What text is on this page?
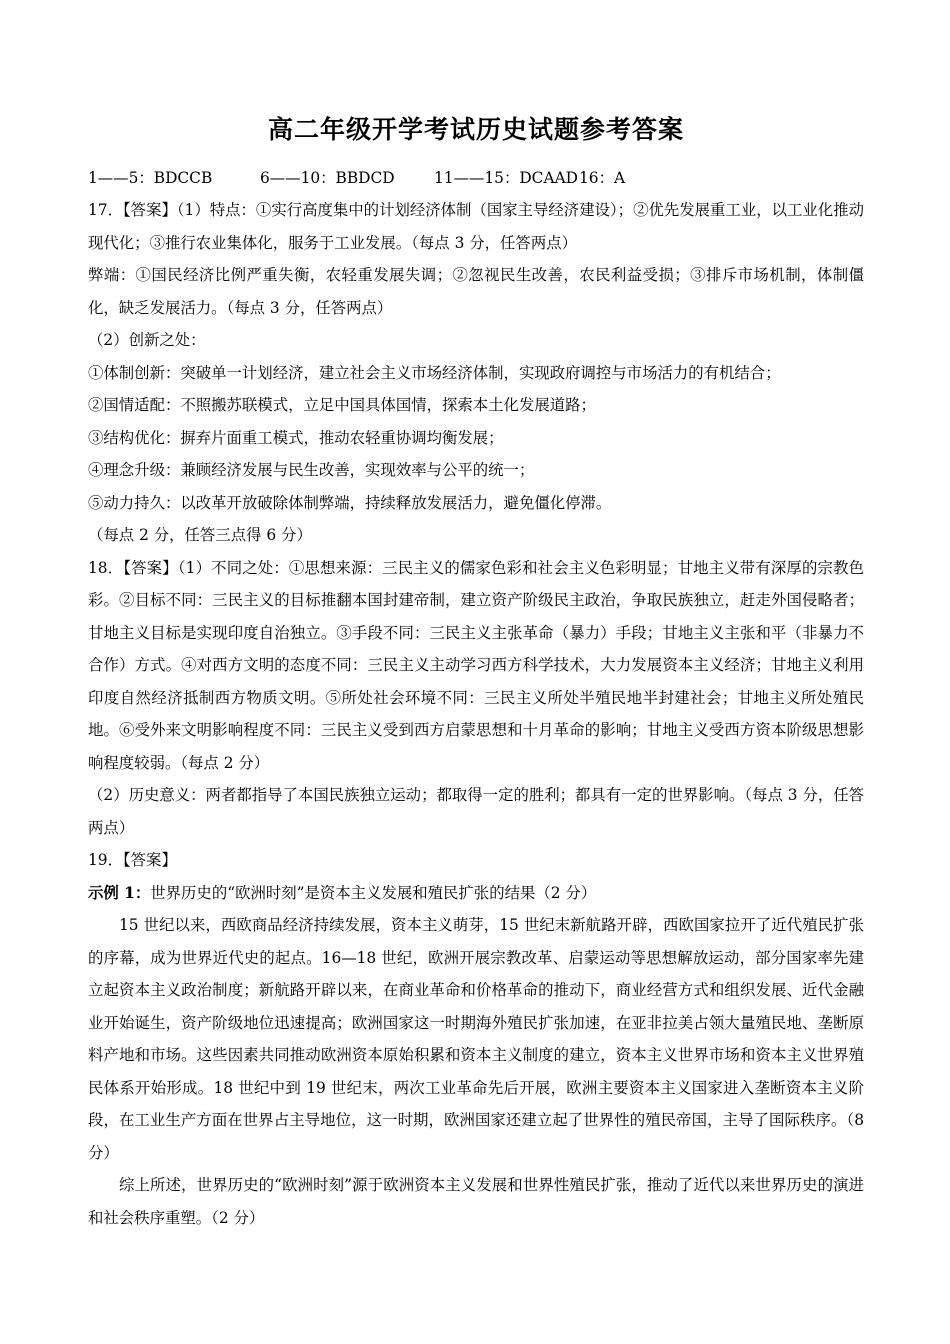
高二年级开学考试历史试题参考答案
1——5：BDCCB	6——10：BBDCD	11——15：DCAAD 16：A

17．【答案】（1）特点：①实行高度集中的计划经济体制（国家主导经济建设）；②优先发展重工业，以工业化推动现代化；③推行农业集体化，服务于工业发展。（每点 3 分，任答两点）

弊端：①国民经济比例严重失衡，农轻重发展失调；②忽视民生改善，农民利益受损；③排斥市场机制，体制僵化，缺乏发展活力。（每点 3 分，任答两点）

（2）创新之处：

①体制创新：突破单一计划经济，建立社会主义市场经济体制，实现政府调控与市场活力的有机结合；

②国情适配：不照搬苏联模式，立足中国具体国情，探索本土化发展道路；

③结构优化：摒弃片面重工模式，推动农轻重协调均衡发展；

④理念升级：兼顾经济发展与民生改善，实现效率与公平的统一；

⑤动力持久：以改革开放破除体制弊端，持续释放发展活力，避免僵化停滞。

（每点 2 分，任答三点得 6 分）

18．【答案】（1）不同之处：①思想来源：三民主义的儒家色彩和社会主义色彩明显；甘地主义带有深厚的宗教色彩。②目标不同：三民主义的目标推翻本国封建帝制，建立资产阶级民主政治，争取民族独立，赶走外国侵略者；甘地主义目标是实现印度自治独立。③手段不同：三民主义主张革命（暴力）手段；甘地主义主张和平（非暴力不合作）方式。④对西方文明的态度不同：三民主义主动学习西方科学技术，大力发展资本主义经济；甘地主义利用印度自然经济抵制西方物质文明。⑤所处社会环境不同：三民主义所处半殖民地半封建社会；甘地主义所处殖民地。⑥受外来文明影响程度不同：三民主义受到西方启蒙思想和十月革命的影响；甘地主义受西方资本阶级思想影响程度较弱。（每点 2 分）

（2）历史意义：两者都指导了本国民族独立运动；都取得一定的胜利；都具有一定的世界影响。（每点 3 分，任答两点）

19．【答案】

示例 1：世界历史的“欧洲时刻”是资本主义发展和殖民扩张的结果（2 分）

15 世纪以来，西欧商品经济持续发展，资本主义萌芽，15 世纪末新航路开辟，西欧国家拉开了近代殖民扩张的序幕，成为世界近代史的起点。16—18 世纪，欧洲开展宗教改革、启蒙运动等思想解放运动，部分国家率先建立起资本主义政治制度；新航路开辟以来，在商业革命和价格革命的推动下，商业经营方式和组织发展、近代金融业开始诞生，资产阶级地位迅速提高；欧洲国家这一时期海外殖民扩张加速，在亚非拉美占领大量殖民地、垄断原料产地和市场。这些因素共同推动欧洲资本原始积累和资本主义制度的建立，资本主义世界市场和资本主义世界殖民体系开始形成。18 世纪中到 19 世纪末，两次工业革命先后开展，欧洲主要资本主义国家进入垄断资本主义阶段，在工业生产方面在世界占主导地位，这一时期，欧洲国家还建立起了世界性的殖民帝国，主导了国际秩序。（8 分）

综上所述，世界历史的“欧洲时刻”源于欧洲资本主义发展和世界性殖民扩张，推动了近代以来世界历史的演进和社会秩序重塑。（2 分）
